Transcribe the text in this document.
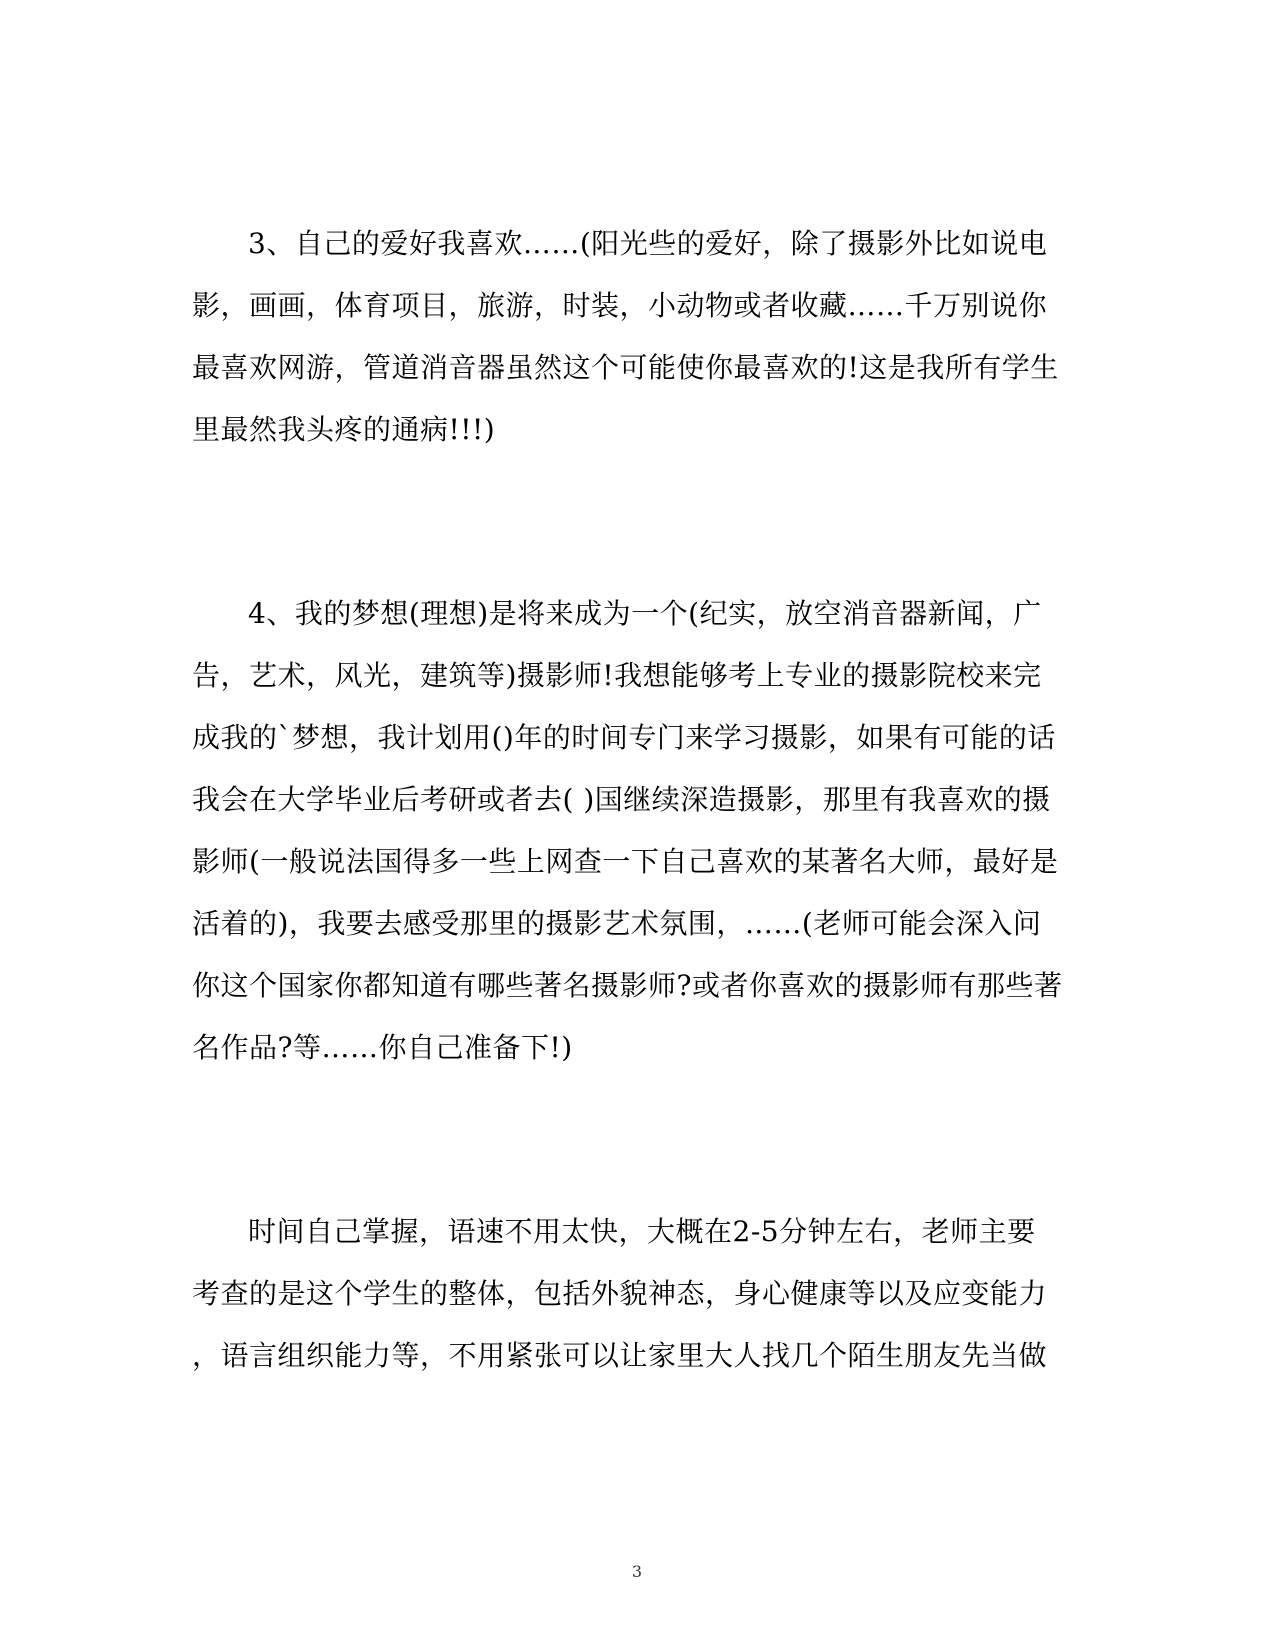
3、自己的爱好我喜欢……(阳光些的爱好，除了摄影外比如说电
影，画画，体育项目，旅游，时装，小动物或者收藏……千万别说你
最喜欢网游，管道消音器虽然这个可能使你最喜欢的!这是我所有学生
里最然我头疼的通病!!!)
4、我的梦想(理想)是将来成为一个(纪实，放空消音器新闻，广
告，艺术，风光，建筑等)摄影师!我想能够考上专业的摄影院校来完
成我的`梦想，我计划用()年的时间专门来学习摄影，如果有可能的话
我会在大学毕业后考研或者去( )国继续深造摄影，那里有我喜欢的摄
影师(一般说法国得多一些上网查一下自己喜欢的某著名大师，最好是
活着的)，我要去感受那里的摄影艺术氛围，……(老师可能会深入问
你这个国家你都知道有哪些著名摄影师?或者你喜欢的摄影师有那些著
名作品?等……你自己准备下!)
时间自己掌握，语速不用太快，大概在2-5分钟左右，老师主要
考查的是这个学生的整体，包括外貌神态，身心健康等以及应变能力
，语言组织能力等，不用紧张可以让家里大人找几个陌生朋友先当做
3
